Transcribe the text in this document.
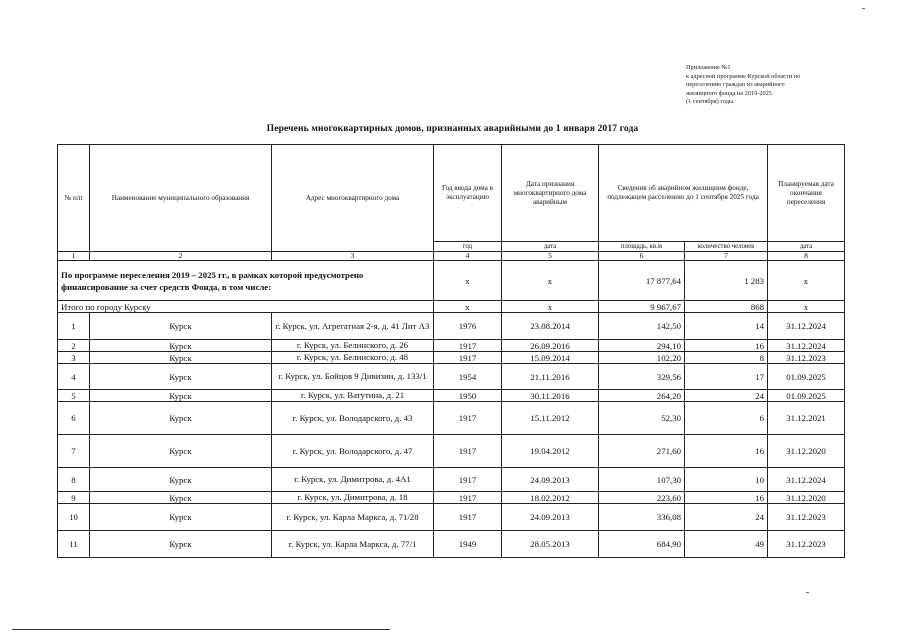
Приложение №1
к адресной программе Курской области по
переселению граждан из аварийного
жилищного фонда на 2019-2025
(1 сентября) годы
Перечень многоквартирных домов, признанных аварийными до 1 января 2017 года
№ п/п	Наименование муниципального образования	Адрес многоквартирного дома	Год ввода дома в эксплуатацию	Дата признания многоквартирного дома аварийным	Сведения об аварийном жилищном фонде, подлежащем расселению до 1 сентября 2025 года		Планируемая дата окончания переселения
			год	дата	площадь, кв.м	количество человек	дата
1	2	3	4	5	6	7	8
По программе переселения 2019 – 2025 гг., в рамках которой предусмотрено финансирование за счет средств Фонда, в том числе:			x	x	17 877,64	1 283	x
Итого по городу Курску			x	x	9 967,67	868	x
1	Курск	г. Курск, ул. Агрегатная 2-я, д. 41 Лит А3	1976	23.08.2014	142,50	14	31.12.2024
2	Курск	г. Курск, ул. Белинского, д. 26	1917	26.09.2016	294,10	16	31.12.2024
3	Курск	г. Курск, ул. Белинского, д. 48	1917	15.09.2014	102,20	8	31.12.2023
4	Курск	г. Курск, ул. Бойцов 9 Дивизии, д. 133/1	1954	21.11.2016	329,56	17	01.09.2025
5	Курск	г. Курск, ул. Ватутина, д. 21	1950	30.11.2016	264,20	24	01.09.2025
6	Курск	г. Курск, ул. Володарского, д. 43	1917	15.11.2012	52,30	6	31.12.2021
7	Курск	г. Курск, ул. Володарского, д. 47	1917	19.04.2012	271,60	16	31.12.2020
8	Курск	г. Курск, ул. Димитрова, д. 4А1	1917	24.09.2013	107,30	10	31.12.2024
9	Курск	г. Курск, ул. Димитрова, д. 18	1917	18.02.2012	223,60	16	31.12.2020
10	Курск	г. Курск, ул. Карла Маркса, д. 71/28	1917	24.09.2013	336,08	24	31.12.2023
11	Курск	г. Курск, ул. Карла Маркса, д. 77/1	1949	28.05.2013	684,90	49	31.12.2023
